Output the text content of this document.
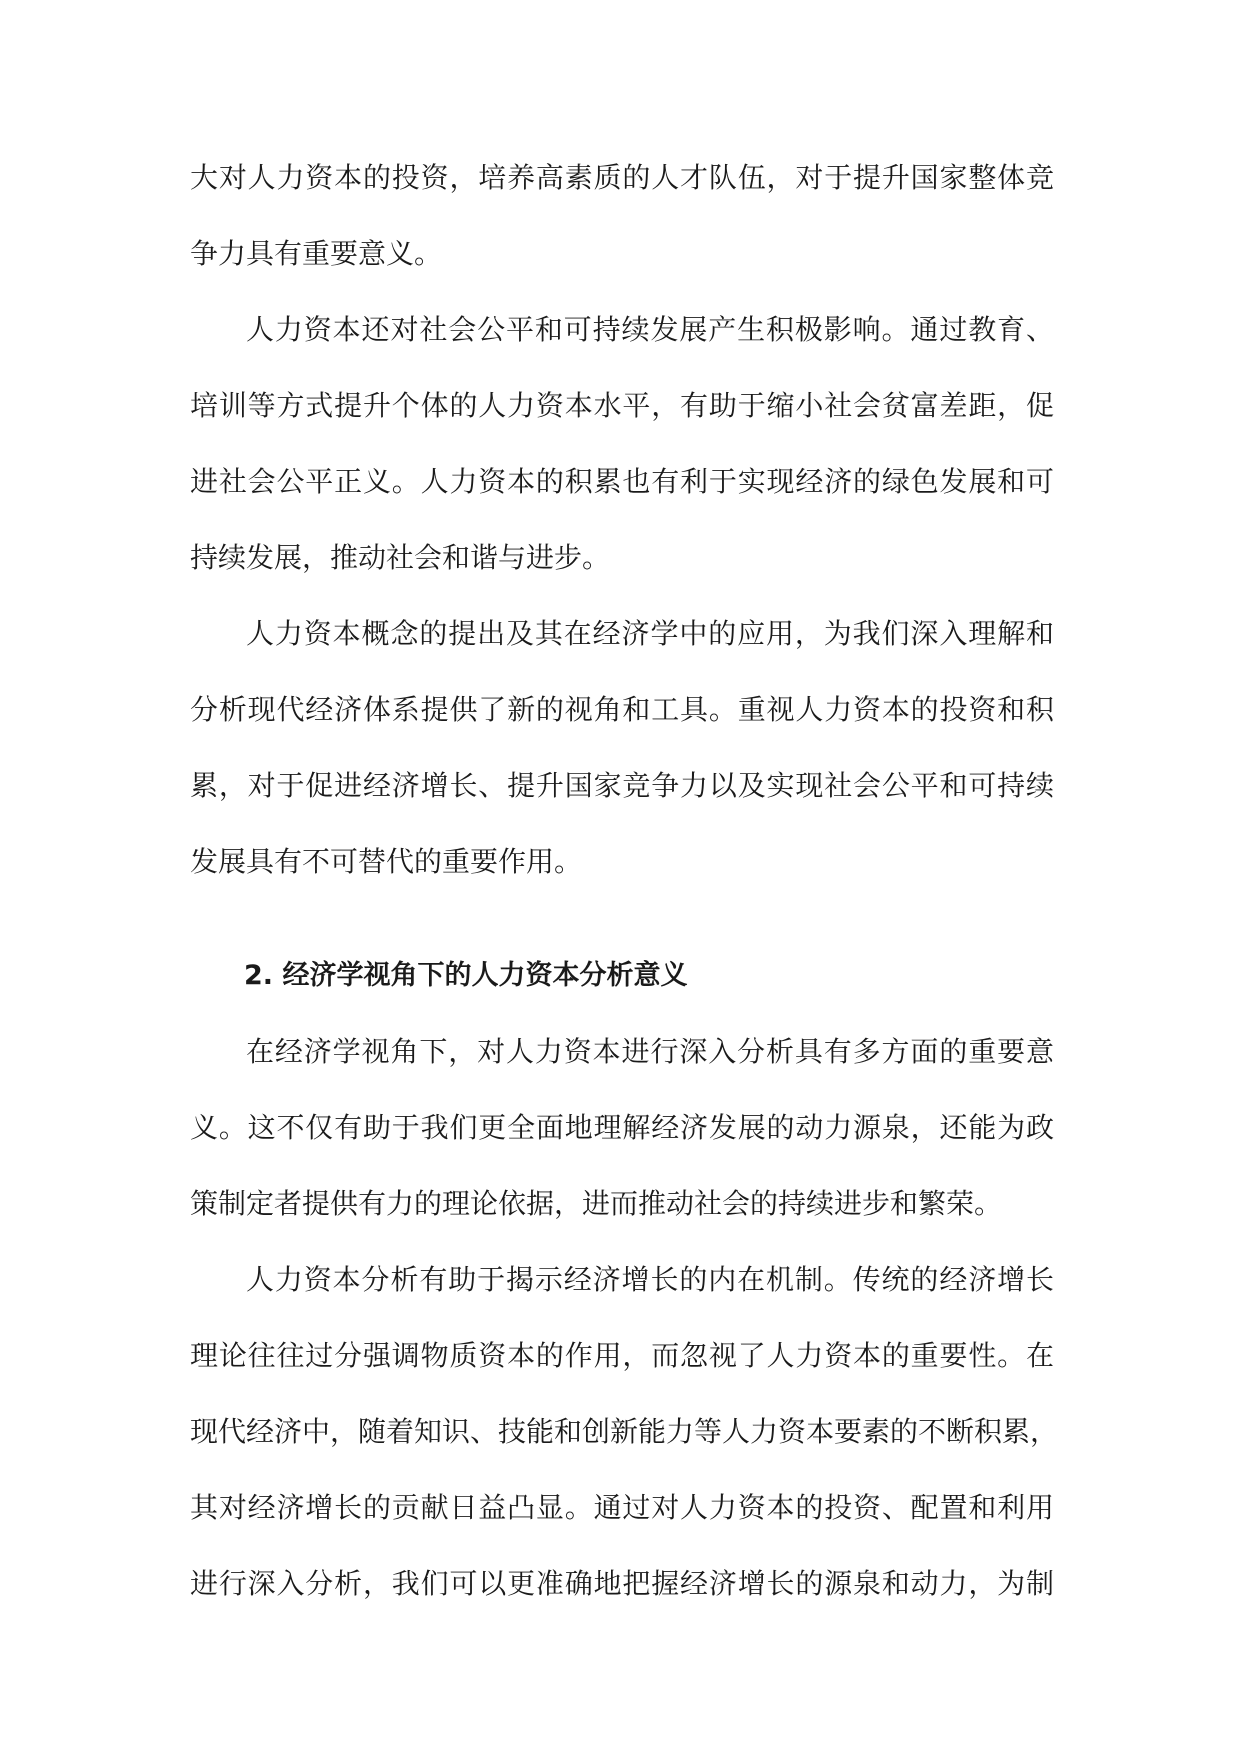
大对人力资本的投资，培养高素质的人才队伍，对于提升国家整体竞
争力具有重要意义。
人力资本还对社会公平和可持续发展产生积极影响。通过教育、
培训等方式提升个体的人力资本水平，有助于缩小社会贫富差距，促
进社会公平正义。人力资本的积累也有利于实现经济的绿色发展和可
持续发展，推动社会和谐与进步。
人力资本概念的提出及其在经济学中的应用，为我们深入理解和
分析现代经济体系提供了新的视角和工具。重视人力资本的投资和积
累，对于促进经济增长、提升国家竞争力以及实现社会公平和可持续
发展具有不可替代的重要作用。
2. 经济学视角下的人力资本分析意义
在经济学视角下，对人力资本进行深入分析具有多方面的重要意
义。这不仅有助于我们更全面地理解经济发展的动力源泉，还能为政
策制定者提供有力的理论依据，进而推动社会的持续进步和繁荣。
人力资本分析有助于揭示经济增长的内在机制。传统的经济增长
理论往往过分强调物质资本的作用，而忽视了人力资本的重要性。在
现代经济中，随着知识、技能和创新能力等人力资本要素的不断积累，
其对经济增长的贡献日益凸显。通过对人力资本的投资、配置和利用
进行深入分析，我们可以更准确地把握经济增长的源泉和动力，为制
